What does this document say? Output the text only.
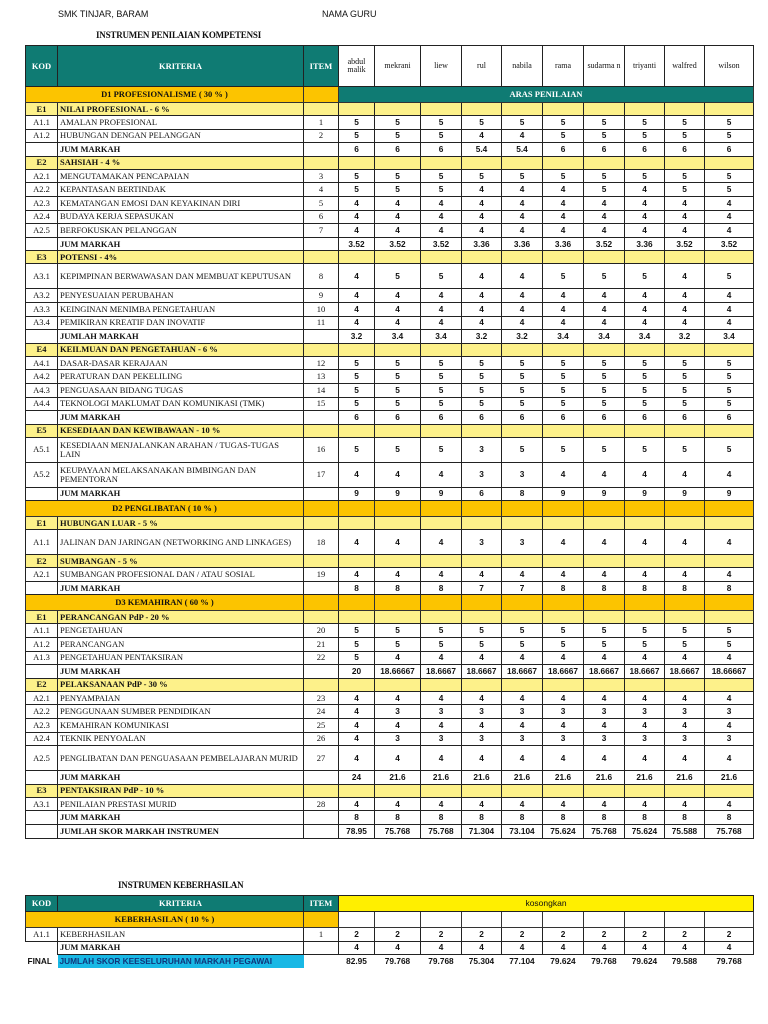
SMK TINJAR, BARAM	NAMA GURU
INSTRUMEN PENILAIAN KOMPETENSI
KOD	KRITERIA	ITEM	abdul malik	mekrani	liew	rul	nabila	rama	sudarma n	triyanti	walfred	wilson
D1 PROFESIONALISME ( 30 % )			ARAS PENILAIAN									
E1	NILAI PROFESIONAL - 6 %											
A1.1	AMALAN PROFESIONAL	1	5	5	5	5	5	5	5	5	5	5
A1.2	HUBUNGAN DENGAN PELANGGAN	2	5	5	5	4	4	5	5	5	5	5
	JUM MARKAH		6	6	6	5.4	5.4	6	6	6	6	6
E2	SAHSIAH - 4 %											
A2.1	MENGUTAMAKAN PENCAPAIAN	3	5	5	5	5	5	5	5	5	5	5
A2.2	KEPANTASAN BERTINDAK	4	5	5	5	4	4	4	5	4	5	5
A2.3	KEMATANGAN EMOSI DAN KEYAKINAN DIRI	5	4	4	4	4	4	4	4	4	4	4
A2.4	BUDAYA KERJA SEPASUKAN	6	4	4	4	4	4	4	4	4	4	4
A2.5	BERFOKUSKAN PELANGGAN	7	4	4	4	4	4	4	4	4	4	4
	JUM MARKAH		3.52	3.52	3.52	3.36	3.36	3.36	3.52	3.36	3.52	3.52
E3	POTENSI - 4%											
A3.1	KEPIMPINAN BERWAWASAN DAN MEMBUAT KEPUTUSAN	8	4	5	5	4	4	5	5	5	4	5
A3.2	PENYESUAIAN PERUBAHAN	9	4	4	4	4	4	4	4	4	4	4
A3.3	KEINGINAN MENIMBA PENGETAHUAN	10	4	4	4	4	4	4	4	4	4	4
A3.4	PEMIKIRAN KREATIF DAN INOVATIF	11	4	4	4	4	4	4	4	4	4	4
	JUMLAH MARKAH		3.2	3.4	3.4	3.2	3.2	3.4	3.4	3.4	3.2	3.4
E4	KEILMUAN DAN PENGETAHUAN - 6 %											
A4.1	DASAR-DASAR KERAJAAN	12	5	5	5	5	5	5	5	5	5	5
A4.2	PERATURAN DAN PEKELILING	13	5	5	5	5	5	5	5	5	5	5
A4.3	PENGUASAAN BIDANG TUGAS	14	5	5	5	5	5	5	5	5	5	5
A4.4	TEKNOLOGI MAKLUMAT DAN KOMUNIKASI (TMK)	15	5	5	5	5	5	5	5	5	5	5
	JUM MARKAH		6	6	6	6	6	6	6	6	6	6
E5	KESEDIAAN DAN KEWIBAWAAN - 10 %											
A5.1	KESEDIAAN MENJALANKAN ARAHAN / TUGAS-TUGAS LAIN	16	5	5	5	3	5	5	5	5	5	5
A5.2	KEUPAYAAN MELAKSANAKAN BIMBINGAN DAN PEMENTORAN	17	4	4	4	3	3	4	4	4	4	4
	JUM MARKAH		9	9	9	6	8	9	9	9	9	9
D2 PENGLIBATAN ( 10 % )												
E1	HUBUNGAN LUAR - 5 %											
A1.1	JALINAN DAN JARINGAN (NETWORKING AND LINKAGES)	18	4	4	4	3	3	4	4	4	4	4
E2	SUMBANGAN - 5 %											
A2.1	SUMBANGAN PROFESIONAL DAN / ATAU SOSIAL	19	4	4	4	4	4	4	4	4	4	4
	JUM MARKAH		8	8	8	7	7	8	8	8	8	8
D3 KEMAHIRAN ( 60 % )												
E1	PERANCANGAN PdP - 20 %											
A1.1	PENGETAHUAN	20	5	5	5	5	5	5	5	5	5	5
A1.2	PERANCANGAN	21	5	5	5	5	5	5	5	5	5	5
A1.3	PENGETAHUAN PENTAKSIRAN	22	5	4	4	4	4	4	4	4	4	4
	JUM MARKAH		20	18.66667	18.6667	18.6667	18.6667	18.6667	18.6667	18.6667	18.6667	18.66667
E2	PELAKSANAAN PdP - 30 %											
A2.1	PENYAMPAIAN	23	4	4	4	4	4	4	4	4	4	4
A2.2	PENGGUNAAN SUMBER PENDIDIKAN	24	4	3	3	3	3	3	3	3	3	3
A2.3	KEMAHIRAN KOMUNIKASI	25	4	4	4	4	4	4	4	4	4	4
A2.4	TEKNIK PENYOALAN	26	4	3	3	3	3	3	3	3	3	3
A2.5	PENGLIBATAN DAN PENGUASAAN PEMBELAJARAN MURID	27	4	4	4	4	4	4	4	4	4	4
	JUM MARKAH		24	21.6	21.6	21.6	21.6	21.6	21.6	21.6	21.6	21.6
E3	PENTAKSIRAN PdP - 10 %											
A3.1	PENILAIAN PRESTASI MURID	28	4	4	4	4	4	4	4	4	4	4
	JUM MARKAH		8	8	8	8	8	8	8	8	8	8
	JUMLAH SKOR MARKAH INSTRUMEN		78.95	75.768	75.768	71.304	73.104	75.624	75.768	75.624	75.588	75.768
INSTRUMEN KEBERHASILAN
KOD	KRITERIA	ITEM	kosongkan									
KEBERHASILAN ( 10 % )												
A1.1	KEBERHASILAN	1	2	2	2	2	2	2	2	2	2	2
	JUM MARKAH		4	4	4	4	4	4	4	4	4	4
FINAL	JUMLAH SKOR KEESELURUHAN MARKAH PEGAWAI		82.95	79.768	79.768	75.304	77.104	79.624	79.768	79.624	79.588	79.768
